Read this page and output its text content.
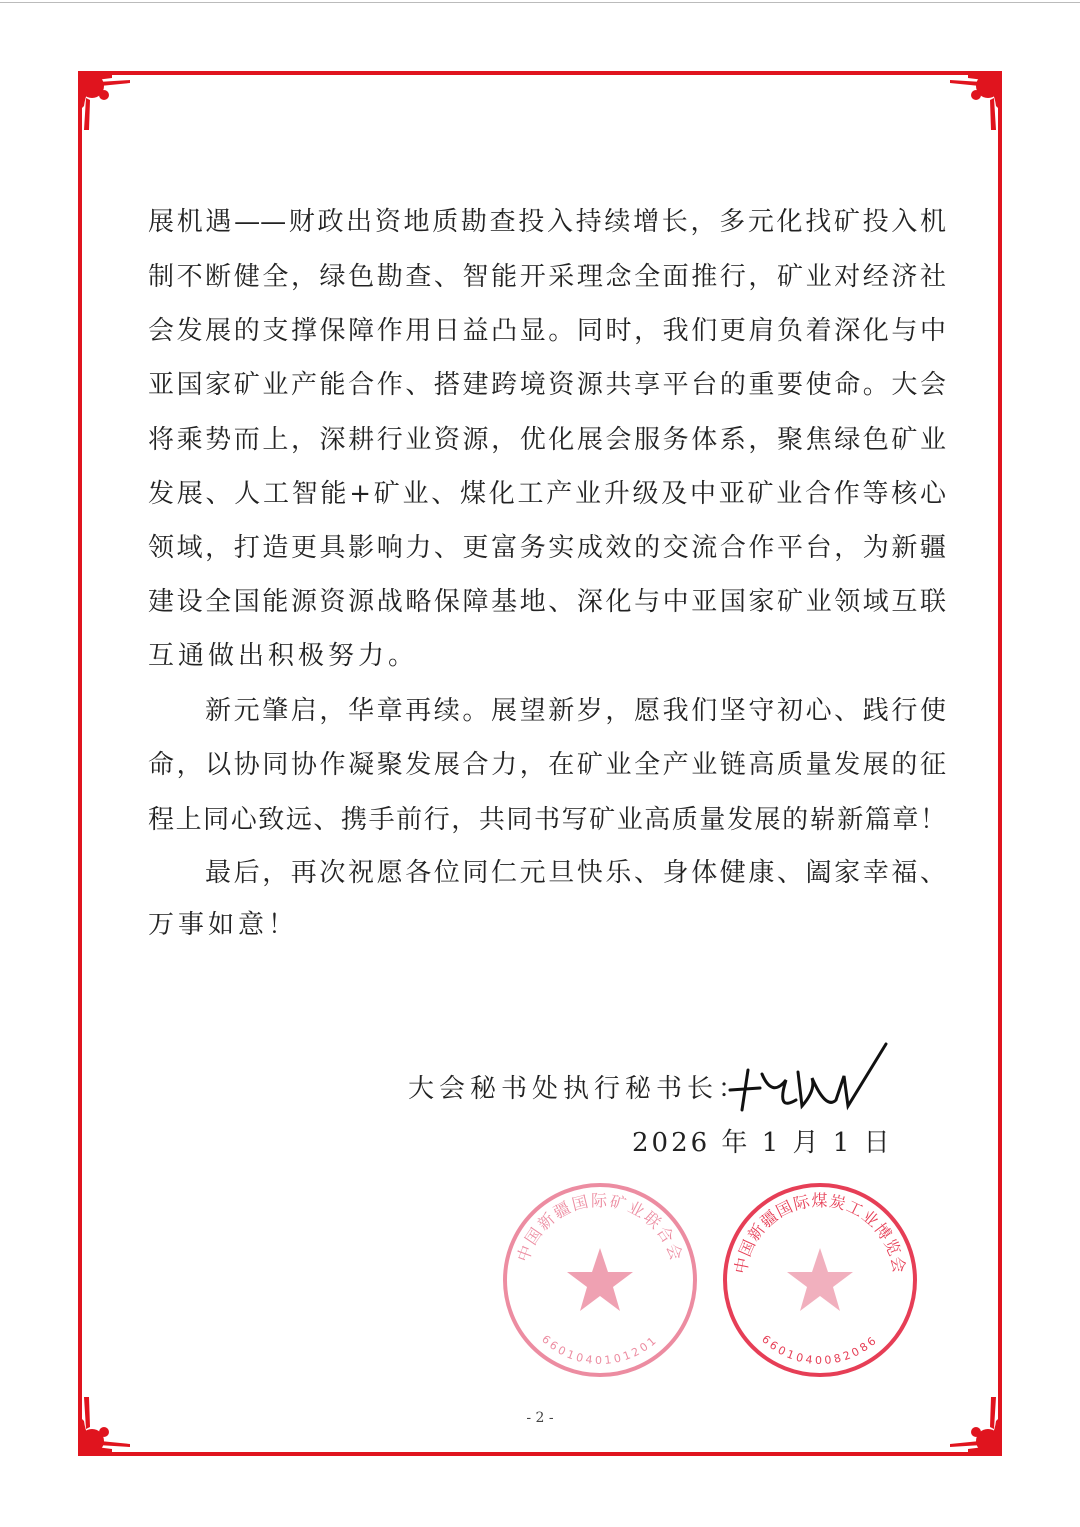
展机遇——财政出资地质勘查投入持续增长，多元化找矿投入机
制不断健全，绿色勘查、智能开采理念全面推行，矿业对经济社
会发展的支撑保障作用日益凸显。同时，我们更肩负着深化与中
亚国家矿业产能合作、搭建跨境资源共享平台的重要使命。大会
将乘势而上，深耕行业资源，优化展会服务体系，聚焦绿色矿业
发展、人工智能+矿业、煤化工产业升级及中亚矿业合作等核心
领域，打造更具影响力、更富务实成效的交流合作平台，为新疆
建设全国能源资源战略保障基地、深化与中亚国家矿业领域互联
互通做出积极努力。
新元肇启，华章再续。展望新岁，愿我们坚守初心、践行使
命，以协同协作凝聚发展合力，在矿业全产业链高质量发展的征
程上同心致远、携手前行，共同书写矿业高质量发展的崭新篇章！
最后，再次祝愿各位同仁元旦快乐、身体健康、阖家幸福、
万事如意！
中国新疆国际矿业联合会
6601040101201
中国新疆国际煤炭工业博览会
6601040082086
大会秘书处执行秘书长：
2026 年 1 月 1 日
- 2 -
